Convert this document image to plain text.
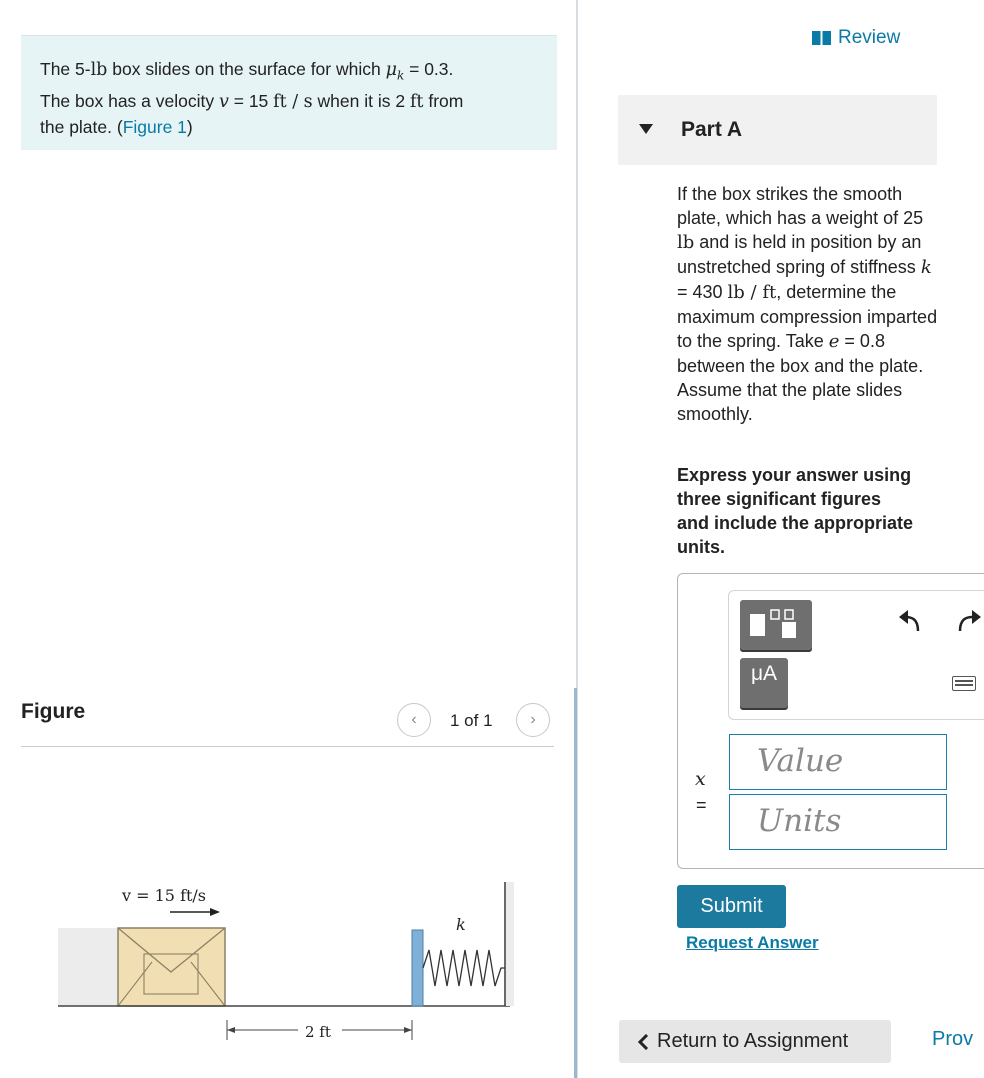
The 5-lb box slides on the surface for which $\mu_k = 0.3$.
The box has a velocity v = 15 ft / s when it is 2 ft from
the plate. (Figure 1)
Figure	‹ 1 of 1 ›
v = 15 ft/s
k
2 ft
Review
Part A
If the box strikes the smooth plate, which has a weight of 25 lb and is held in position by an unstretched spring of stiffness k = 430 lb / ft, determine the maximum compression imparted to the spring. Take e = 0.8 between the box and the plate. Assume that the plate slides smoothly.
Express your answer using three significant figures and include the appropriate units.
μA
x
=
Value
Units
Submit
Request Answer
Return to Assignment	Prov
